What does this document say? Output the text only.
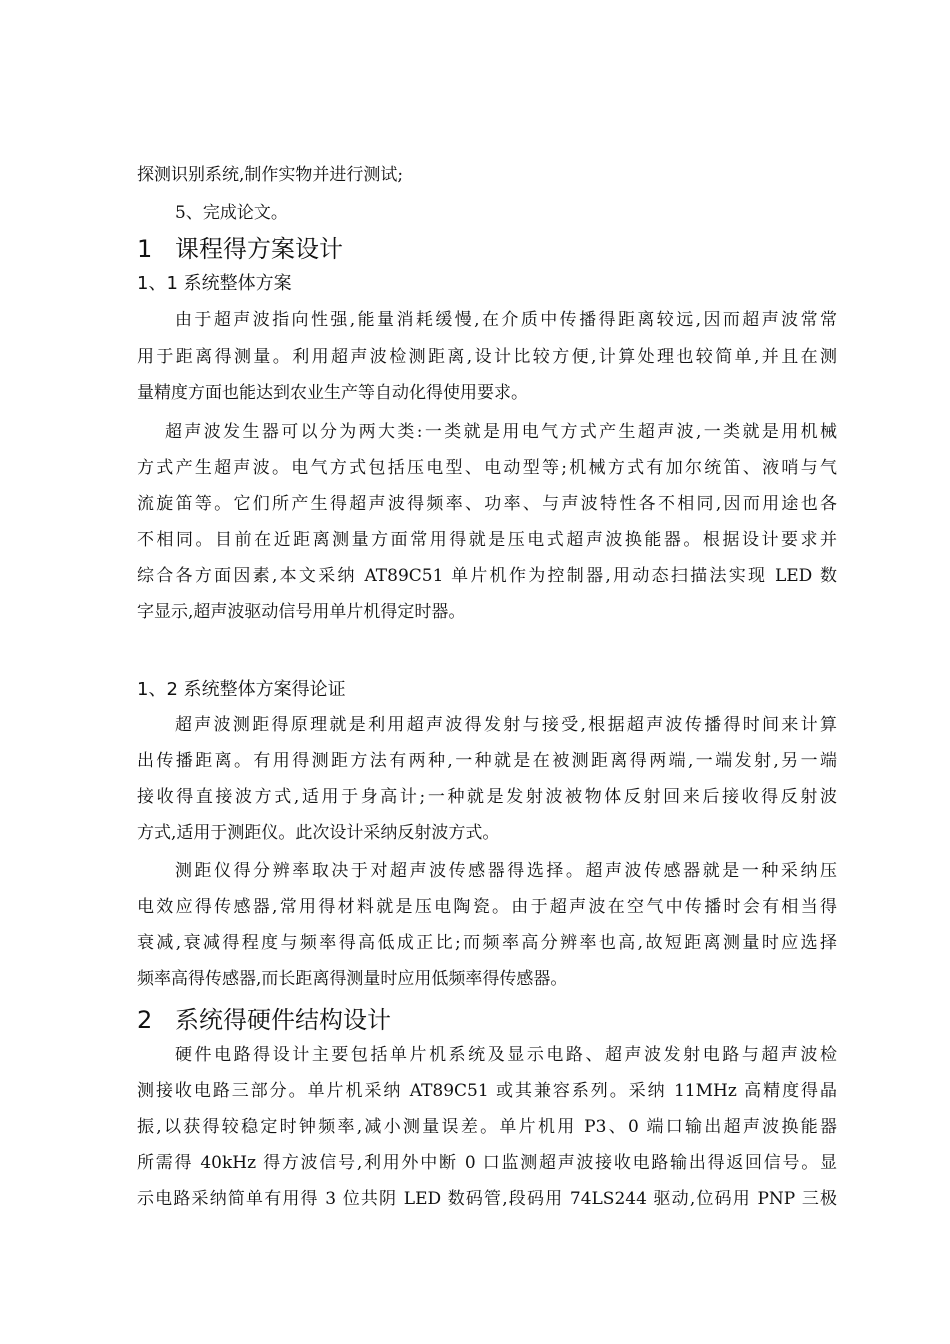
探测识别系统,制作实物并进行测试;
5、完成论文。
1 课程得方案设计
1、1 系统整体方案
由于超声波指向性强,能量消耗缓慢,在介质中传播得距离较远,因而超声波常常
用于距离得测量。利用超声波检测距离,设计比较方便,计算处理也较简单,并且在测
量精度方面也能达到农业生产等自动化得使用要求。
超声波发生器可以分为两大类:一类就是用电气方式产生超声波,一类就是用机械
方式产生超声波。电气方式包括压电型、电动型等;机械方式有加尔统笛、液哨与气
流旋笛等。它们所产生得超声波得频率、功率、与声波特性各不相同,因而用途也各
不相同。目前在近距离测量方面常用得就是压电式超声波换能器。根据设计要求并
综合各方面因素,本文采纳 AT89C51 单片机作为控制器,用动态扫描法实现 LED 数
字显示,超声波驱动信号用单片机得定时器。
1、2 系统整体方案得论证
超声波测距得原理就是利用超声波得发射与接受,根据超声波传播得时间来计算
出传播距离。有用得测距方法有两种,一种就是在被测距离得两端,一端发射,另一端
接收得直接波方式,适用于身高计;一种就是发射波被物体反射回来后接收得反射波
方式,适用于测距仪。此次设计采纳反射波方式。
测距仪得分辨率取决于对超声波传感器得选择。超声波传感器就是一种采纳压
电效应得传感器,常用得材料就是压电陶瓷。由于超声波在空气中传播时会有相当得
衰减,衰减得程度与频率得高低成正比;而频率高分辨率也高,故短距离测量时应选择
频率高得传感器,而长距离得测量时应用低频率得传感器。
2 系统得硬件结构设计
硬件电路得设计主要包括单片机系统及显示电路、超声波发射电路与超声波检
测接收电路三部分。单片机采纳 AT89C51 或其兼容系列。采纳 11MHz 高精度得晶
振,以获得较稳定时钟频率,减小测量误差。单片机用 P3、0 端口输出超声波换能器
所需得 40kHz 得方波信号,利用外中断 0 口监测超声波接收电路输出得返回信号。显
示电路采纳简单有用得 3 位共阴 LED 数码管,段码用 74LS244 驱动,位码用 PNP 三极
